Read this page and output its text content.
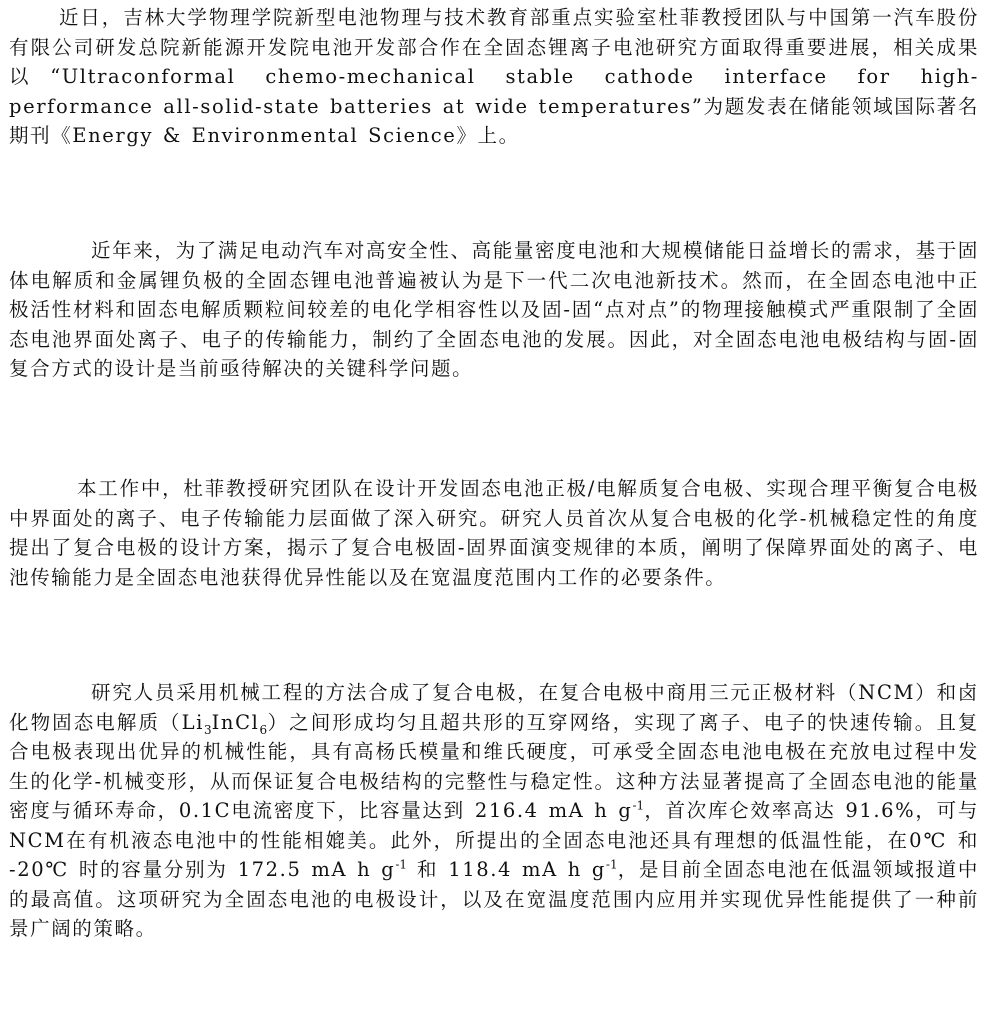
近日，吉林大学物理学院新型电池物理与技术教育部重点实验室杜菲教授团队与中国第一汽车股份有限公司研发总院新能源开发院电池开发部合作在全固态锂离子电池研究方面取得重要进展，相关成果以“Ultraconformal chemo-mechanical stable cathode interface for high-performance all-solid-state batteries at wide temperatures”为题发表在储能领域国际著名期刊《Energy & Environmental Science》上。

近年来，为了满足电动汽车对高安全性、高能量密度电池和大规模储能日益增长的需求，基于固体电解质和金属锂负极的全固态锂电池普遍被认为是下一代二次电池新技术。然而，在全固态电池中正极活性材料和固态电解质颗粒间较差的电化学相容性以及固-固“点对点”的物理接触模式严重限制了全固态电池界面处离子、电子的传输能力，制约了全固态电池的发展。因此，对全固态电池电极结构与固-固复合方式的设计是当前亟待解决的关键科学问题。

本工作中，杜菲教授研究团队在设计开发固态电池正极/电解质复合电极、实现合理平衡复合电极中界面处的离子、电子传输能力层面做了深入研究。研究人员首次从复合电极的化学-机械稳定性的角度提出了复合电极的设计方案，揭示了复合电极固-固界面演变规律的本质，阐明了保障界面处的离子、电池传输能力是全固态电池获得优异性能以及在宽温度范围内工作的必要条件。

研究人员采用机械工程的方法合成了复合电极，在复合电极中商用三元正极材料（NCM）和卤化物固态电解质$(Li_3InCl_6)$之间形成均匀且超共形的互穿网络，实现了离子、电子的快速传输。且复合电极表现出优异的机械性能，具有高杨氏模量和维氏硬度，可承受全固态电池电极在充放电过程中发生的化学-机械变形，从而保证复合电极结构的完整性与稳定性。这种方法显著提高了全固态电池的能量密度与循环寿命，0.1C电流密度下，比容量达到 216.4 mA h $g^{-1}$，首次库仑效率高达 91.6%，可与NCM在有机液态电池中的性能相媲美。此外，所提出的全固态电池还具有理想的低温性能，在0℃ 和 -20℃ 时的容量分别为 172.5 mA h $g^{-1}$ 和 118.4 mA h $g^{-1}$，是目前全固态电池在低温领域报道中的最高值。这项研究为全固态电池的电极设计，以及在宽温度范围内应用并实现优异性能提供了一种前景广阔的策略。
